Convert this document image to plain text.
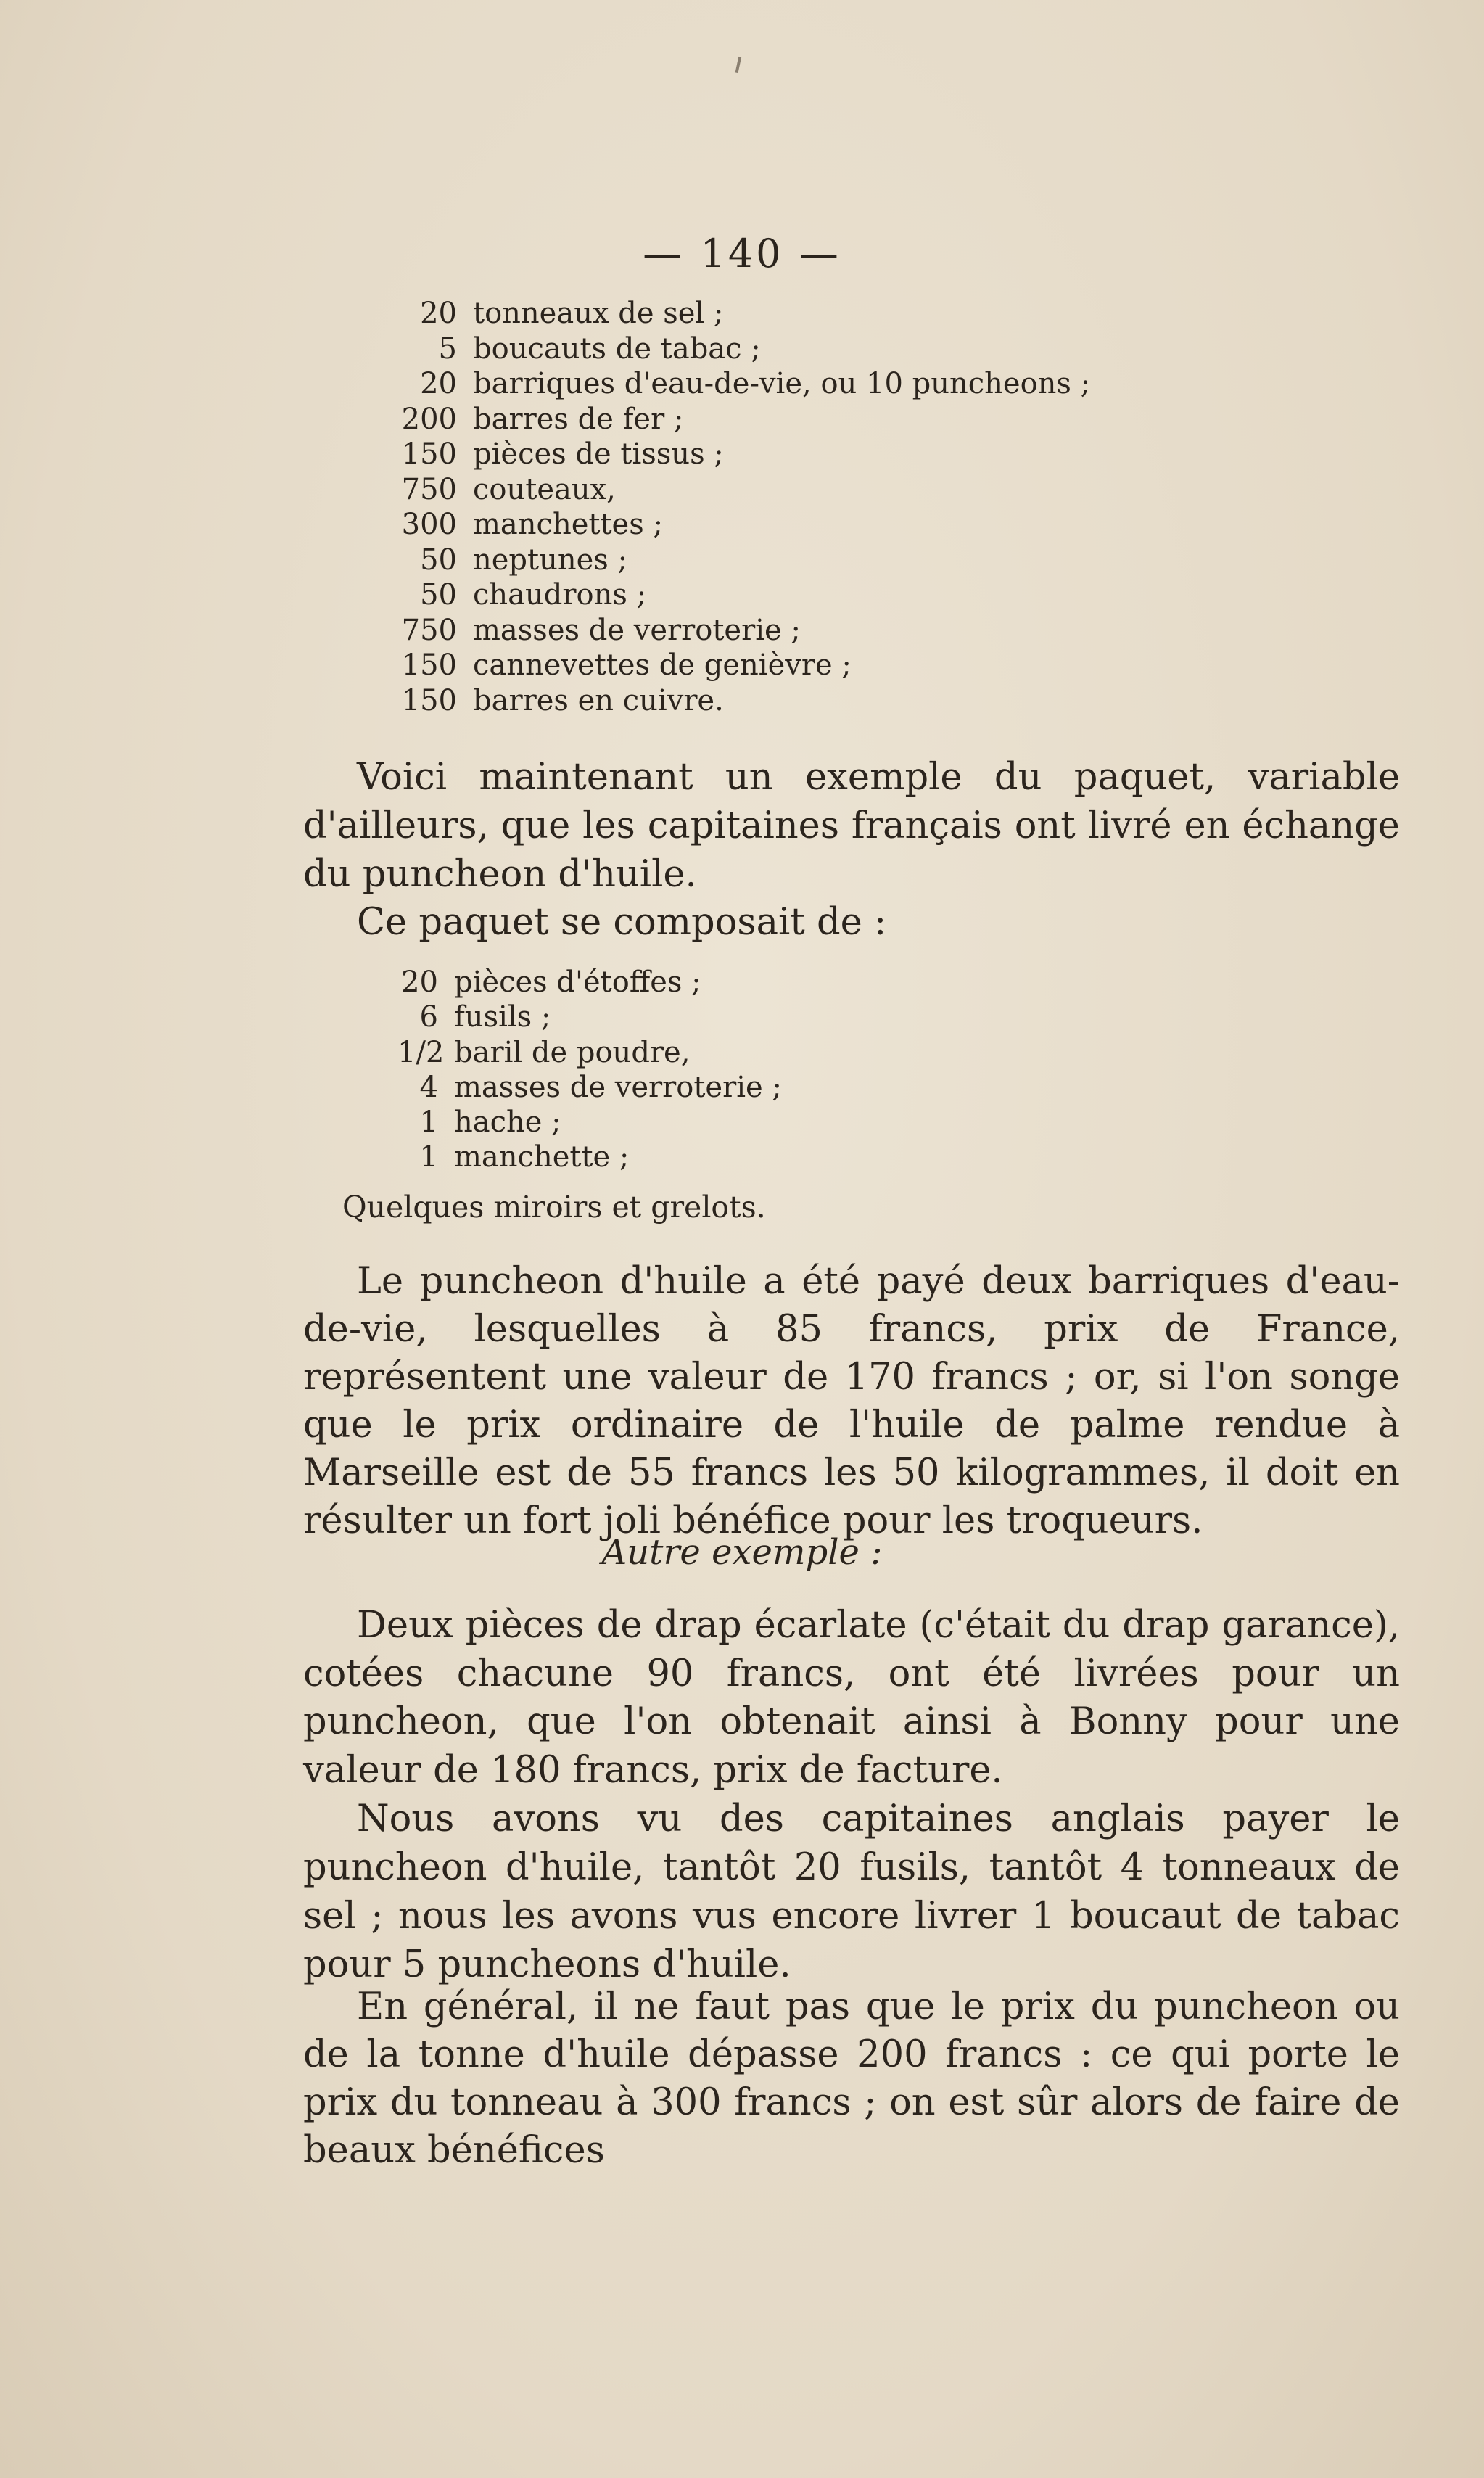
— 140 —
20 tonneaux de sel ;
5 boucauts de tabac ;
20 barriques d'eau-de-vie, ou 10 puncheons ;
200 barres de fer ;
150 pièces de tissus ;
750 couteaux,
300 manchettes ;
50 neptunes ;
50 chaudrons ;
750 masses de verroterie ;
150 cannevettes de genièvre ;
150 barres en cuivre.

Voici maintenant un exemple du paquet, variable d'ailleurs, que les capitaines français ont livré en échange du puncheon d'huile.

Ce paquet se composait de :

20 pièces d'étoffes ;
6 fusils ;
1/2 baril de poudre,
4 masses de verroterie ;
1 hache ;
1 manchette ;
Quelques miroirs et grelots.

Le puncheon d'huile a été payé deux barriques d'eau-de-vie, lesquelles à 85 francs, prix de France, représentent une valeur de 170 francs ; or, si l'on songe que le prix ordinaire de l'huile de palme rendue à Marseille est de 55 francs les 50 kilogrammes, il doit en résulter un fort joli bénéfice pour les troqueurs.

Autre exemple :

Deux pièces de drap écarlate (c'était du drap garance), cotées chacune 90 francs, ont été livrées pour un puncheon, que l'on obtenait ainsi à Bonny pour une valeur de 180 francs, prix de facture.

Nous avons vu des capitaines anglais payer le puncheon d'huile, tantôt 20 fusils, tantôt 4 tonneaux de sel ; nous les avons vus encore livrer 1 boucaut de tabac pour 5 puncheons d'huile.

En général, il ne faut pas que le prix du puncheon ou de la tonne d'huile dépasse 200 francs : ce qui porte le prix du tonneau à 300 francs ; on est sûr alors de faire de beaux bénéfices
